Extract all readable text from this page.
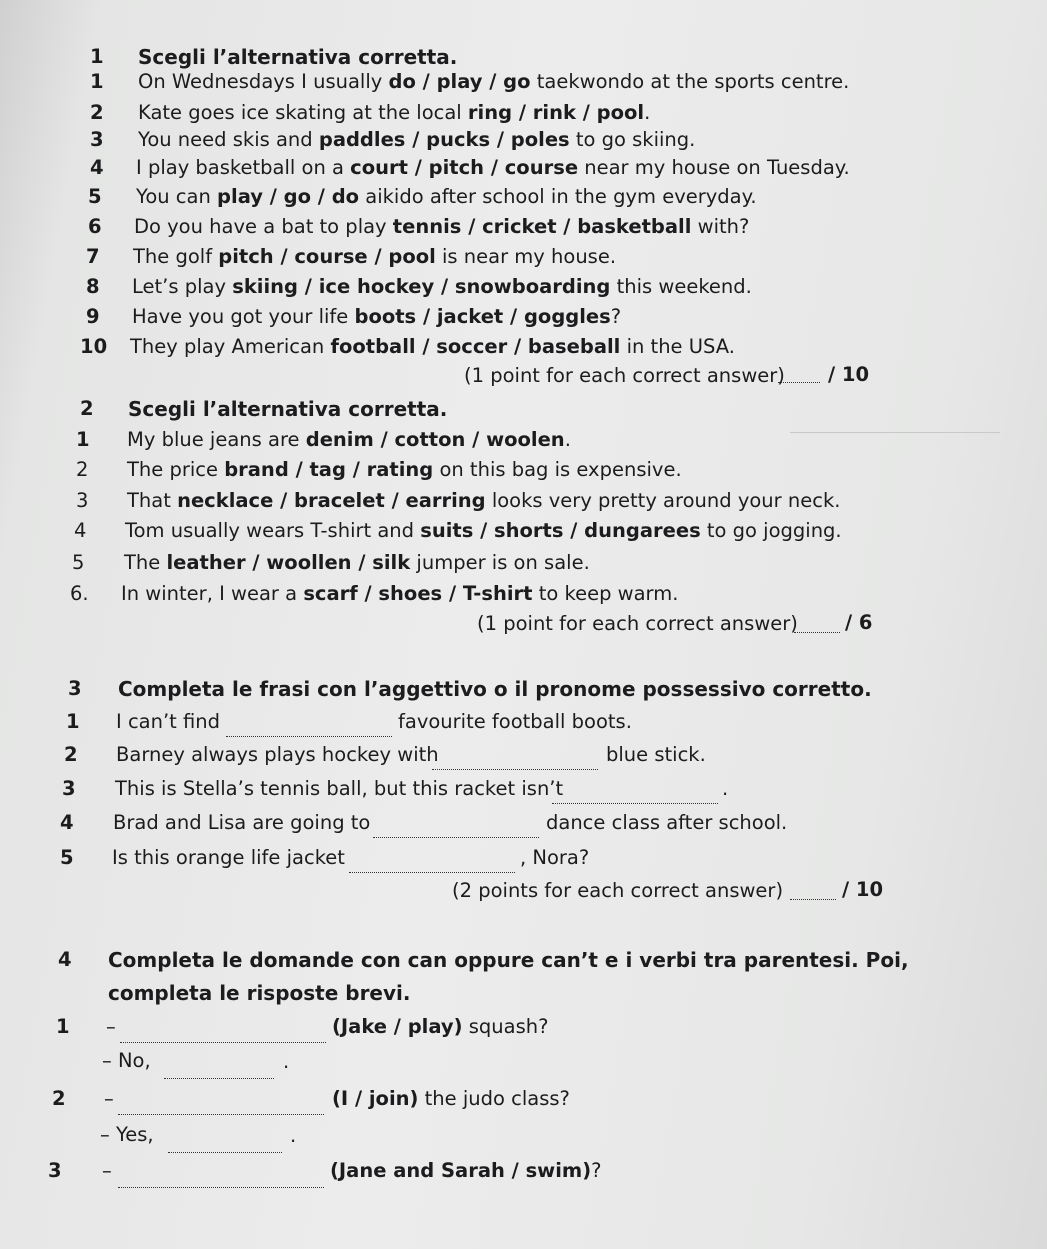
1 Scegli l’alternativa corretta.
1 On Wednesdays I usually do / play / go taekwondo at the sports centre.
2 Kate goes ice skating at the local ring / rink / pool.
3 You need skis and paddles / pucks / poles to go skiing.
4 I play basketball on a court / pitch / course near my house on Tuesday.
5 You can play / go / do aikido after school in the gym everyday.
6 Do you have a bat to play tennis / cricket / basketball with?
7 The golf pitch / course / pool is near my house.
8 Let’s play skiing / ice hockey / snowboarding this weekend.
9 Have you got your life boots / jacket / goggles?
10 They play American football / soccer / baseball in the USA.
(1 point for each correct answer) / 10
2 Scegli l’alternativa corretta.
1 My blue jeans are denim / cotton / woolen.
2 The price brand / tag / rating on this bag is expensive.
3 That necklace / bracelet / earring looks very pretty around your neck.
4 Tom usually wears T-shirt and suits / shorts / dungarees to go jogging.
5 The leather / woollen / silk jumper is on sale.
6. In winter, I wear a scarf / shoes / T-shirt to keep warm.
(1 point for each correct answer) / 6
3 Completa le frasi con l’aggettivo o il pronome possessivo corretto.
1 I can’t find	favourite football boots.
2 Barney always plays hockey with	blue stick.
3 This is Stella’s tennis ball, but this racket isn’t	.
4 Brad and Lisa are going to	dance class after school.
5 Is this orange life jacket	, Nora?
(2 points for each correct answer)	/ 10
4 Completa le domande con can oppure can’t e i verbi tra parentesi. Poi,
completa le risposte brevi.
1 –	(Jake / play) squash?
– No,	.
2 –	(I / join) the judo class?
– Yes,	.
3 –	(Jane and Sarah / swim)?
